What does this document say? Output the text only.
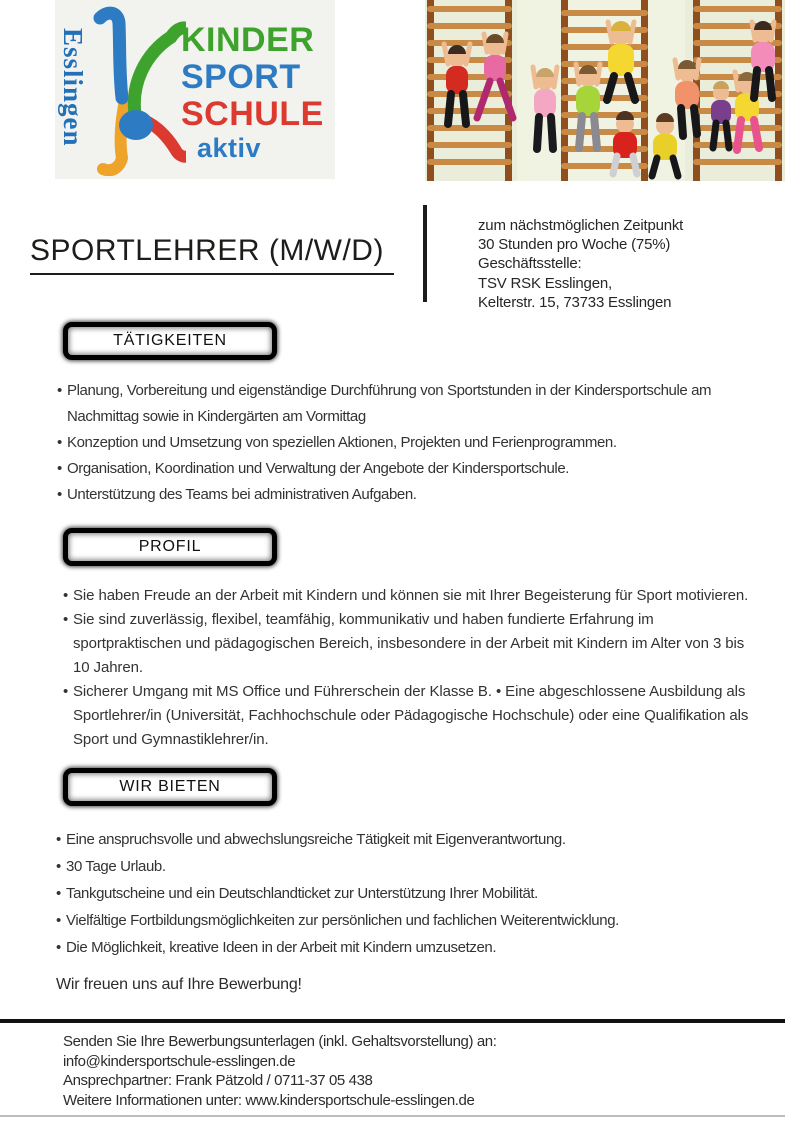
Esslingen	KINDER
SPORT
SCHULE
aktiv
SPORTLEHRER (M/W/D)
zum nächstmöglichen Zeitpunkt
30 Stunden pro Woche (75%)
Geschäftsstelle:
TSV RSK Esslingen,
Kelterstr. 15, 73733 Esslingen
TÄTIGKEITEN
• Planung, Vorbereitung und eigenständige Durchführung von Sportstunden in der Kindersportschule am Nachmittag sowie in Kindergärten am Vormittag
• Konzeption und Umsetzung von speziellen Aktionen, Projekten und Ferienprogrammen.
• Organisation, Koordination und Verwaltung der Angebote der Kindersportschule.
• Unterstützung des Teams bei administrativen Aufgaben.
PROFIL
• Sie haben Freude an der Arbeit mit Kindern und können sie mit Ihrer Begeisterung für Sport motivieren.
• Sie sind zuverlässig, flexibel, teamfähig, kommunikativ und haben fundierte Erfahrung im sportpraktischen und pädagogischen Bereich, insbesondere in der Arbeit mit Kindern im Alter von 3 bis 10 Jahren.
• Sicherer Umgang mit MS Office und Führerschein der Klasse B. • Eine abgeschlossene Ausbildung als Sportlehrer/in (Universität, Fachhochschule oder Pädagogische Hochschule) oder eine Qualifikation als Sport und Gymnastiklehrer/in.
WIR BIETEN
• Eine anspruchsvolle und abwechslungsreiche Tätigkeit mit Eigenverantwortung.
• 30 Tage Urlaub.
• Tankgutscheine und ein Deutschlandticket zur Unterstützung Ihrer Mobilität.
• Vielfältige Fortbildungsmöglichkeiten zur persönlichen und fachlichen Weiterentwicklung.
• Die Möglichkeit, kreative Ideen in der Arbeit mit Kindern umzusetzen.
Wir freuen uns auf Ihre Bewerbung!
Senden Sie Ihre Bewerbungsunterlagen (inkl. Gehaltsvorstellung) an:
info@kindersportschule-esslingen.de
Ansprechpartner: Frank Pätzold / 0711-37 05 438
Weitere Informationen unter: www.kindersportschule-esslingen.de
